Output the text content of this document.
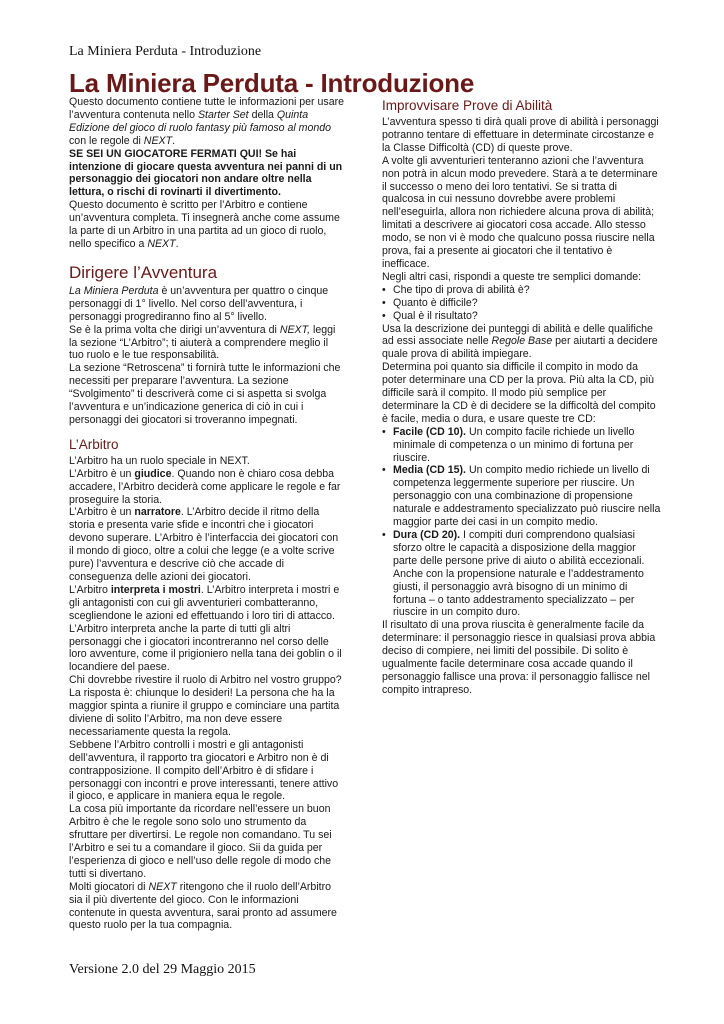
La Miniera Perduta - Introduzione
La Miniera Perduta - Introduzione

Questo documento contiene tutte le informazioni per usare l’avventura contenuta nello Starter Set della Quinta Edizione del gioco di ruolo fantasy più famoso al mondo con le regole di NEXT.

SE SEI UN GIOCATORE FERMATI QUI! Se hai intenzione di giocare questa avventura nei panni di un personaggio dei giocatori non andare oltre nella lettura, o rischi di rovinarti il divertimento.

Questo documento è scritto per l’Arbitro e contiene un’avventura completa. Ti insegnerà anche come assume la parte di un Arbitro in una partita ad un gioco di ruolo, nello specifico a NEXT.

Dirigere l’Avventura

La Miniera Perduta è un’avventura per quattro o cinque personaggi di 1° livello. Nel corso dell’avventura, i personaggi progrediranno fino al 5° livello.

Se è la prima volta che dirigi un’avventura di NEXT, leggi la sezione “L’Arbitro”; ti aiuterà a comprendere meglio il tuo ruolo e le tue responsabilità.

La sezione “Retroscena” ti fornirà tutte le informazioni che necessiti per preparare l’avventura. La sezione “Svolgimento” ti descriverà come ci si aspetta si svolga l’avventura e un’indicazione generica di ciò in cui i personaggi dei giocatori si troveranno impegnati.

L’Arbitro

L’Arbitro ha un ruolo speciale in NEXT.

L’Arbitro è un giudice. Quando non è chiaro cosa debba accadere, l’Arbitro deciderà come applicare le regole e far proseguire la storia.

L’Arbitro è un narratore. L’Arbitro decide il ritmo della storia e presenta varie sfide e incontri che i giocatori devono superare. L’Arbitro è l’interfaccia dei giocatori con il mondo di gioco, oltre a colui che legge (e a volte scrive pure) l’avventura e descrive ciò che accade di conseguenza delle azioni dei giocatori.

L’Arbitro interpreta i mostri. L’Arbitro interpreta i mostri e gli antagonisti con cui gli avventurieri combatteranno, scegliendone le azioni ed effettuando i loro tiri di attacco. L’Arbitro interpreta anche la parte di tutti gli altri personaggi che i giocatori incontreranno nel corso delle loro avventure, come il prigioniero nella tana dei goblin o il locandiere del paese.

Chi dovrebbe rivestire il ruolo di Arbitro nel vostro gruppo? La risposta è: chiunque lo desideri! La persona che ha la maggior spinta a riunire il gruppo e cominciare una partita diviene di solito l’Arbitro, ma non deve essere necessariamente questa la regola.

Sebbene l’Arbitro controlli i mostri e gli antagonisti dell’avventura, il rapporto tra giocatori e Arbitro non è di contrapposizione. Il compito dell’Arbitro è di sfidare i personaggi con incontri e prove interessanti, tenere attivo il gioco, e applicare in maniera equa le regole.

La cosa più importante da ricordare nell’essere un buon Arbitro è che le regole sono solo uno strumento da sfruttare per divertirsi. Le regole non comandano. Tu sei l’Arbitro e sei tu a comandare il gioco. Sii da guida per l’esperienza di gioco e nell’uso delle regole di modo che tutti si divertano.

Molti giocatori di NEXT ritengono che il ruolo dell’Arbitro sia il più divertente del gioco. Con le informazioni contenute in questa avventura, sarai pronto ad assumere questo ruolo per la tua compagnia.

Improvvisare Prove di Abilità

L’avventura spesso ti dirà quali prove di abilità i personaggi potranno tentare di effettuare in determinate circostanze e la Classe Difficoltà (CD) di queste prove.

A volte gli avventurieri tenteranno azioni che l’avventura non potrà in alcun modo prevedere. Starà a te determinare il successo o meno dei loro tentativi. Se si tratta di qualcosa in cui nessuno dovrebbe avere problemi nell’eseguirla, allora non richiedere alcuna prova di abilità; limitati a descrivere ai giocatori cosa accade. Allo stesso modo, se non vi è modo che qualcuno possa riuscire nella prova, fai a presente ai giocatori che il tentativo è inefficace.

Negli altri casi, rispondi a queste tre semplici domande:

• Che tipo di prova di abilità è?
• Quanto è difficile?
• Qual è il risultato?

Usa la descrizione dei punteggi di abilità e delle qualifiche ad essi associate nelle Regole Base per aiutarti a decidere quale prova di abilità impiegare.

Determina poi quanto sia difficile il compito in modo da poter determinare una CD per la prova. Più alta la CD, più difficile sarà il compito. Il modo più semplice per determinare la CD è di decidere se la difficoltà del compito è facile, media o dura, e usare queste tre CD:

• Facile (CD 10). Un compito facile richiede un livello minimale di competenza o un minimo di fortuna per riuscire.
• Media (CD 15). Un compito medio richiede un livello di competenza leggermente superiore per riuscire. Un personaggio con una combinazione di propensione naturale e addestramento specializzato può riuscire nella maggior parte dei casi in un compito medio.
• Dura (CD 20). I compiti duri comprendono qualsiasi sforzo oltre le capacità a disposizione della maggior parte delle persone prive di aiuto o abilità eccezionali. Anche con la propensione naturale e l’addestramento giusti, il personaggio avrà bisogno di un minimo di fortuna – o tanto addestramento specializzato – per riuscire in un compito duro.

Il risultato di una prova riuscita è generalmente facile da determinare: il personaggio riesce in qualsiasi prova abbia deciso di compiere, nei limiti del possibile. Di solito è ugualmente facile determinare cosa accade quando il personaggio fallisce una prova: il personaggio fallisce nel compito intrapreso.

Versione 2.0 del 29 Maggio 2015
